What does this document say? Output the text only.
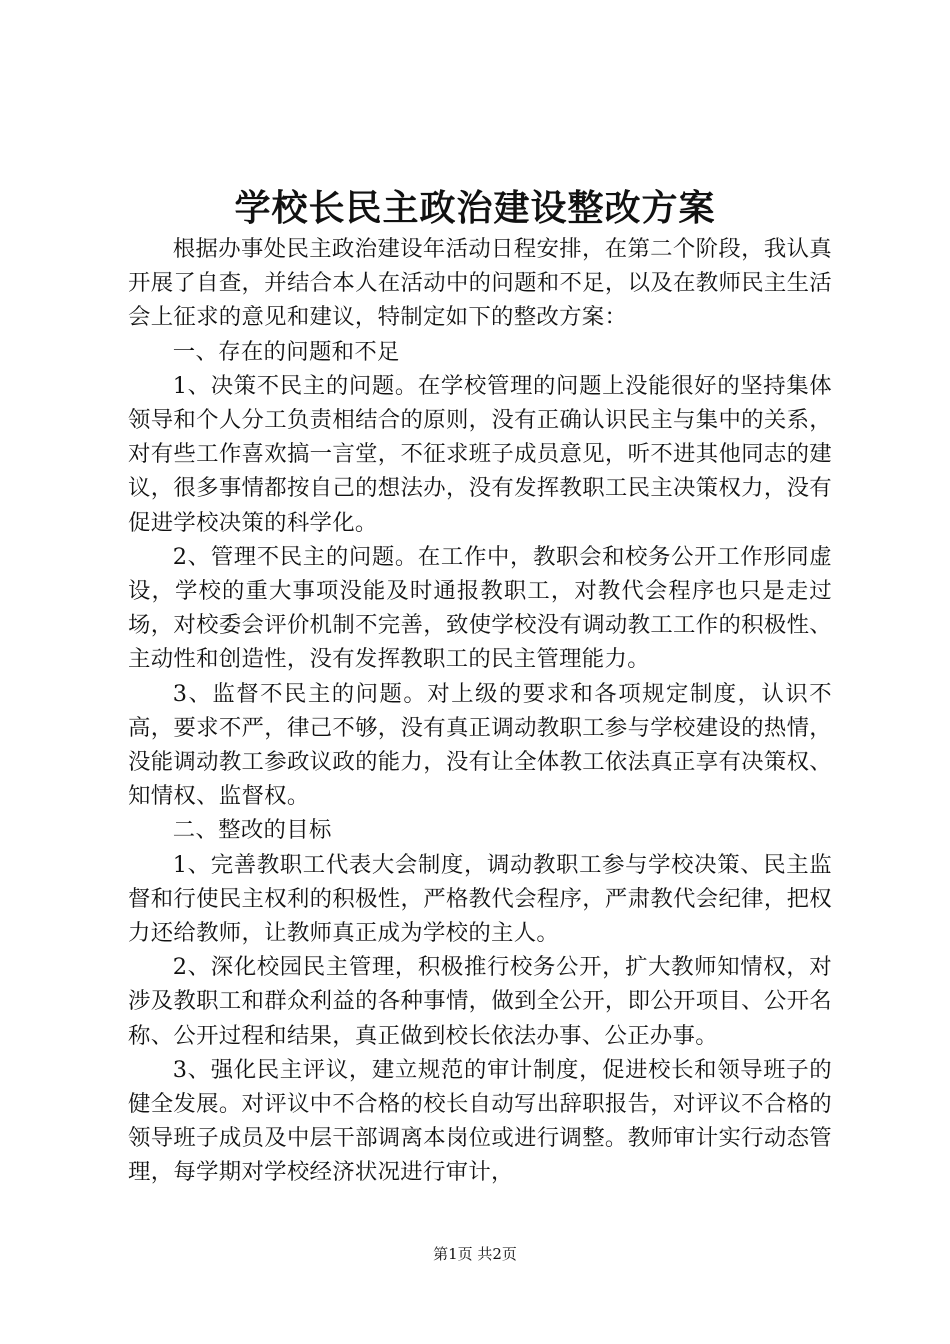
学校长民主政治建设整改方案

根据办事处民主政治建设年活动日程安排，在第二个阶段，我认真开展了自查，并结合本人在活动中的问题和不足，以及在教师民主生活会上征求的意见和建议，特制定如下的整改方案：

一、存在的问题和不足

1、决策不民主的问题。在学校管理的问题上没能很好的坚持集体领导和个人分工负责相结合的原则，没有正确认识民主与集中的关系，对有些工作喜欢搞一言堂，不征求班子成员意见，听不进其他同志的建议，很多事情都按自己的想法办，没有发挥教职工民主决策权力，没有促进学校决策的科学化。

2、管理不民主的问题。在工作中，教职会和校务公开工作形同虚设，学校的重大事项没能及时通报教职工，对教代会程序也只是走过场，对校委会评价机制不完善，致使学校没有调动教工工作的积极性、主动性和创造性，没有发挥教职工的民主管理能力。

3、监督不民主的问题。对上级的要求和各项规定制度，认识不高，要求不严，律己不够，没有真正调动教职工参与学校建设的热情，没能调动教工参政议政的能力，没有让全体教工依法真正享有决策权、知情权、监督权。

二、整改的目标

1、完善教职工代表大会制度，调动教职工参与学校决策、民主监督和行使民主权利的积极性，严格教代会程序，严肃教代会纪律，把权力还给教师，让教师真正成为学校的主人。

2、深化校园民主管理，积极推行校务公开，扩大教师知情权，对涉及教职工和群众利益的各种事情，做到全公开，即公开项目、公开名称、公开过程和结果，真正做到校长依法办事、公正办事。

3、强化民主评议，建立规范的审计制度，促进校长和领导班子的健全发展。对评议中不合格的校长自动写出辞职报告，对评议不合格的领导班子成员及中层干部调离本岗位或进行调整。教师审计实行动态管理，每学期对学校经济状况进行审计，

第1页 共2页
